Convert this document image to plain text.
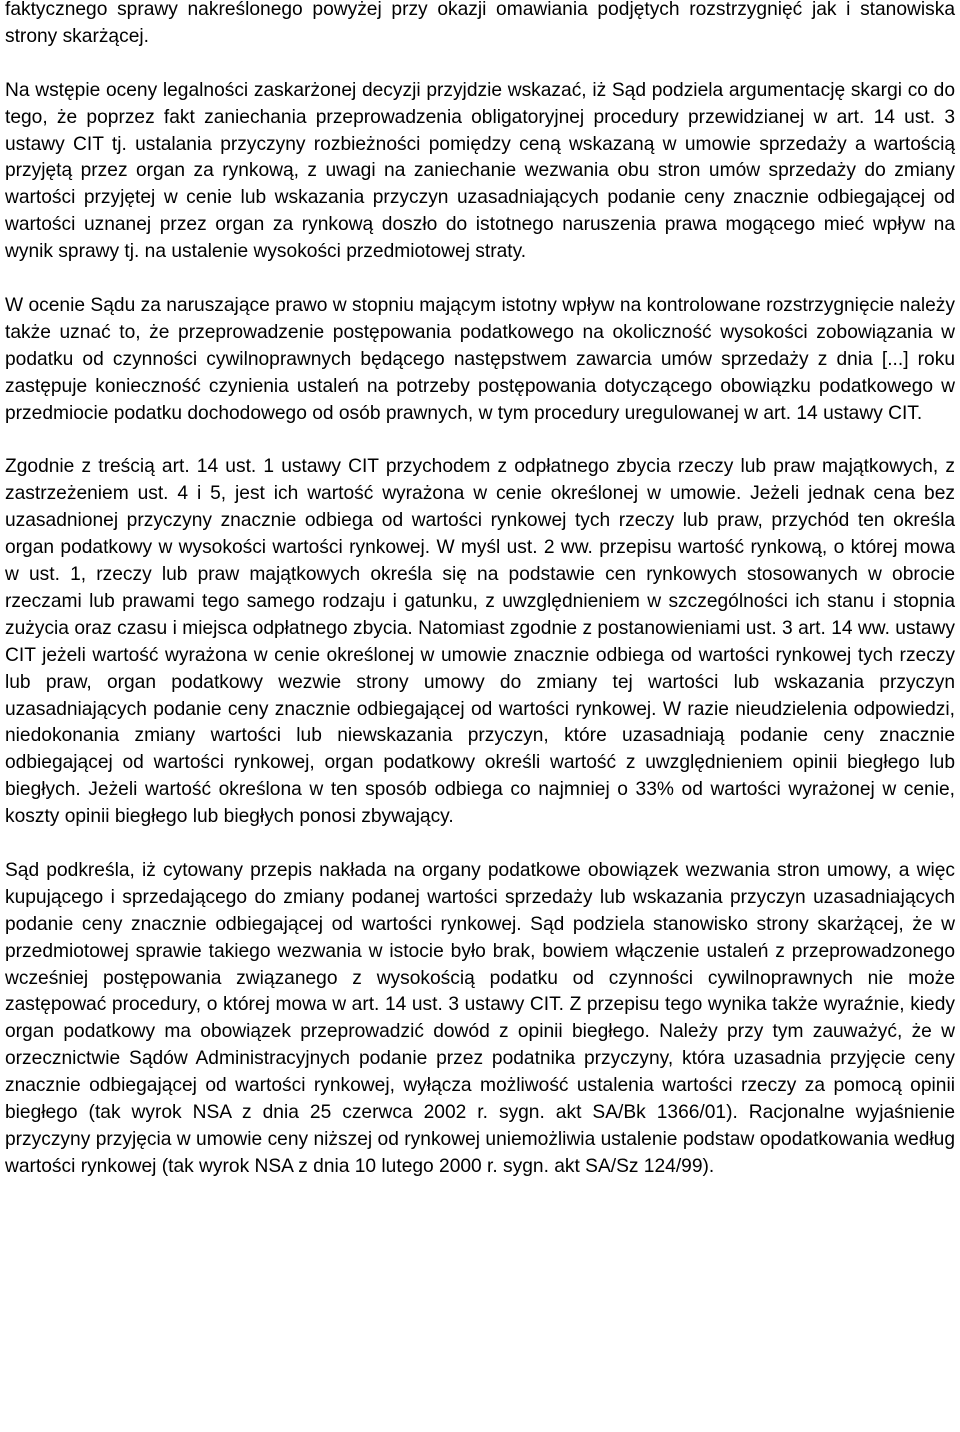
faktycznego sprawy nakreślonego powyżej przy okazji omawiania podjętych rozstrzygnięć jak i stanowiska strony skarżącej.

Na wstępie oceny legalności zaskarżonej decyzji przyjdzie wskazać, iż Sąd podziela argumentację skargi co do tego, że poprzez fakt zaniechania przeprowadzenia obligatoryjnej procedury przewidzianej w art. 14 ust. 3 ustawy CIT tj. ustalania przyczyny rozbieżności pomiędzy ceną wskazaną w umowie sprzedaży a wartością przyjętą przez organ za rynkową, z uwagi na zaniechanie wezwania obu stron umów sprzedaży do zmiany wartości przyjętej w cenie lub wskazania przyczyn uzasadniających podanie ceny znacznie odbiegającej od wartości uznanej przez organ za rynkową doszło do istotnego naruszenia prawa mogącego mieć wpływ na wynik sprawy tj. na ustalenie wysokości przedmiotowej straty.

W ocenie Sądu za naruszające prawo w stopniu mającym istotny wpływ na kontrolowane rozstrzygnięcie należy także uznać to, że przeprowadzenie postępowania podatkowego na okoliczność wysokości zobowiązania w podatku od czynności cywilnoprawnych będącego następstwem zawarcia umów sprzedaży z dnia [...] roku zastępuje konieczność czynienia ustaleń na potrzeby postępowania dotyczącego obowiązku podatkowego w przedmiocie podatku dochodowego od osób prawnych, w tym procedury uregulowanej w art. 14 ustawy CIT.

Zgodnie z treścią art. 14 ust. 1 ustawy CIT przychodem z odpłatnego zbycia rzeczy lub praw majątkowych, z zastrzeżeniem ust. 4 i 5, jest ich wartość wyrażona w cenie określonej w umowie. Jeżeli jednak cena bez uzasadnionej przyczyny znacznie odbiega od wartości rynkowej tych rzeczy lub praw, przychód ten określa organ podatkowy w wysokości wartości rynkowej. W myśl ust. 2 ww. przepisu wartość rynkową, o której mowa w ust. 1, rzeczy lub praw majątkowych określa się na podstawie cen rynkowych stosowanych w obrocie rzeczami lub prawami tego samego rodzaju i gatunku, z uwzględnieniem w szczególności ich stanu i stopnia zużycia oraz czasu i miejsca odpłatnego zbycia. Natomiast zgodnie z postanowieniami ust. 3 art. 14 ww. ustawy CIT jeżeli wartość wyrażona w cenie określonej w umowie znacznie odbiega od wartości rynkowej tych rzeczy lub praw, organ podatkowy wezwie strony umowy do zmiany tej wartości lub wskazania przyczyn uzasadniających podanie ceny znacznie odbiegającej od wartości rynkowej. W razie nieudzielenia odpowiedzi, niedokonania zmiany wartości lub niewskazania przyczyn, które uzasadniają podanie ceny znacznie odbiegającej od wartości rynkowej, organ podatkowy określi wartość z uwzględnieniem opinii biegłego lub biegłych. Jeżeli wartość określona w ten sposób odbiega co najmniej o 33% od wartości wyrażonej w cenie, koszty opinii biegłego lub biegłych ponosi zbywający.

Sąd podkreśla, iż cytowany przepis nakłada na organy podatkowe obowiązek wezwania stron umowy, a więc kupującego i sprzedającego do zmiany podanej wartości sprzedaży lub wskazania przyczyn uzasadniających podanie ceny znacznie odbiegającej od wartości rynkowej. Sąd podziela stanowisko strony skarżącej, że w przedmiotowej sprawie takiego wezwania w istocie było brak, bowiem włączenie ustaleń z przeprowadzonego wcześniej postępowania związanego z wysokością podatku od czynności cywilnoprawnych nie może zastępować procedury, o której mowa w art. 14 ust. 3 ustawy CIT. Z przepisu tego wynika także wyraźnie, kiedy organ podatkowy ma obowiązek przeprowadzić dowód z opinii biegłego. Należy przy tym zauważyć, że w orzecznictwie Sądów Administracyjnych podanie przez podatnika przyczyny, która uzasadnia przyjęcie ceny znacznie odbiegającej od wartości rynkowej, wyłącza możliwość ustalenia wartości rzeczy za pomocą opinii biegłego (tak wyrok NSA z dnia 25 czerwca 2002 r. sygn. akt SA/Bk 1366/01). Racjonalne wyjaśnienie przyczyny przyjęcia w umowie ceny niższej od rynkowej uniemożliwia ustalenie podstaw opodatkowania według wartości rynkowej (tak wyrok NSA z dnia 10 lutego 2000 r. sygn. akt SA/Sz 124/99).
